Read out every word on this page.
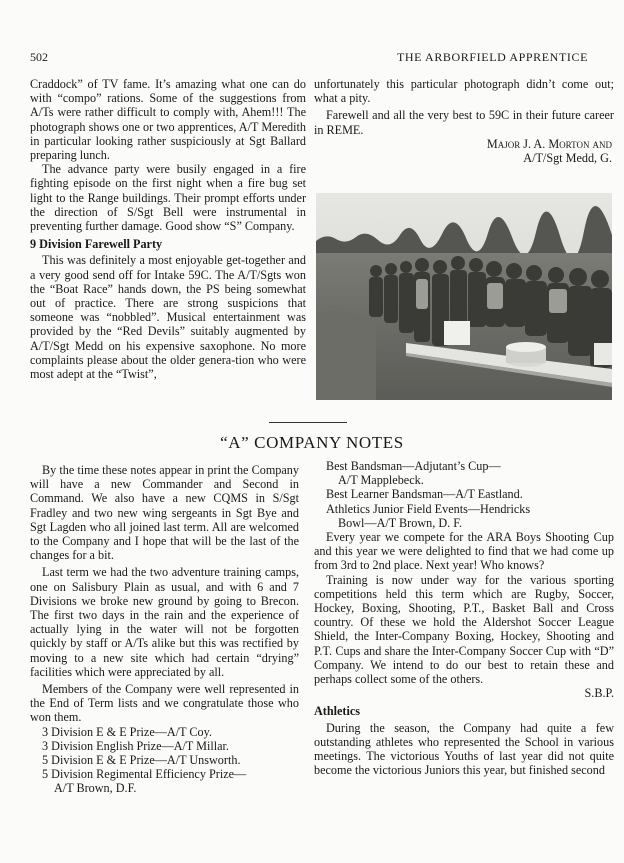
502	THE ARBORFIELD APPRENTICE

Craddock” of TV fame. It’s amazing what one can do with “compo” rations. Some of the suggestions from A/Ts were rather difficult to comply with, Ahem!!! The photograph shows one or two apprentices, A/T Meredith in particular looking rather suspiciously at Sgt Ballard preparing lunch.

The advance party were busily engaged in a fire fighting episode on the first night when a fire bug set light to the Range buildings. Their prompt efforts under the direction of S/Sgt Bell were instrumental in preventing further damage. Good show “S” Company.

9 Division Farewell Party

This was definitely a most enjoyable get-together and a very good send off for Intake 59C. The A/T/Sgts won the “Boat Race” hands down, the PS being somewhat out of practice. There are strong suspicions that someone was “nobbled”. Musical entertainment was provided by the “Red Devils” suitably augmented by A/T/Sgt Medd on his expensive saxophone. No more complaints please about the older genera-tion who were most adept at the “Twist”,

unfortunately this particular photograph didn’t come out; what a pity.

Farewell and all the very best to 59C in their future career in REME.

Major J. A. Morton and

A/T/Sgt Medd, G.

“A” COMPANY NOTES

By the time these notes appear in print the Company will have a new Commander and Second in Command. We also have a new CQMS in S/Sgt Fradley and two new wing sergeants in Sgt Bye and Sgt Lagden who all joined last term. All are welcomed to the Company and I hope that will be the last of the changes for a bit.

Last term we had the two adventure training camps, one on Salisbury Plain as usual, and with 6 and 7 Divisions we broke new ground by going to Brecon. The first two days in the rain and the experience of actually lying in the water will not be forgotten quickly by staff or A/Ts alike but this was rectified by moving to a new site which had certain “drying” facilities which were appreciated by all.

Members of the Company were well represented in the End of Term lists and we congratulate those who won them.

3 Division E & E Prize—A/T Coy.

3 Division English Prize—A/T Millar.

5 Division E & E Prize—A/T Unsworth.

5 Division Regimental Efficiency Prize—

A/T Brown, D.F.

Best Bandsman—Adjutant’s Cup—

A/T Mapplebeck.

Best Learner Bandsman—A/T Eastland.

Athletics Junior Field Events—Hendricks

Bowl—A/T Brown, D. F.

Every year we compete for the ARA Boys Shooting Cup and this year we were delighted to find that we had come up from 3rd to 2nd place. Next year! Who knows?

Training is now under way for the various sporting competitions held this term which are Rugby, Soccer, Hockey, Boxing, Shooting, P.T., Basket Ball and Cross country. Of these we hold the Aldershot Soccer League Shield, the Inter-Company Boxing, Hockey, Shooting and P.T. Cups and share the Inter-Company Soccer Cup with “D” Company. We intend to do our best to retain these and perhaps collect some of the others.

S.B.P.

Athletics

During the season, the Company had quite a few outstanding athletes who represented the School in various meetings. The victorious Youths of last year did not quite become the victorious Juniors this year, but finished second
